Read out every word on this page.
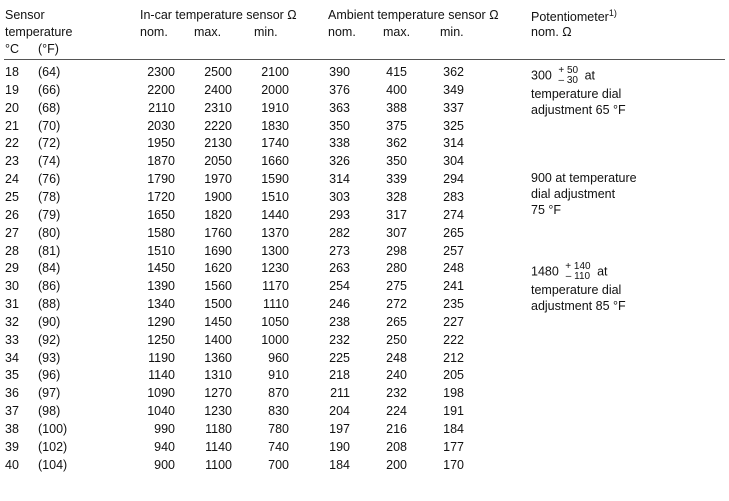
Sensor
temperature
°C (°F)
In-car temperature sensor Ω
nom. max.	min.
Ambient temperature sensor Ω
nom. max. min.
Potentiometer$^{1)}$
nom. Ω
18 (64)	2300	2500	2100	390	415	362
19 (66)	2200	2400	2000	376	400	349
20 (68)	2110	2310	1910	363	388	337
21 (70)	2030	2220	1830	350	375	325
22 (72)	1950	2130	1740	338	362	314
23 (74)	1870	2050	1660	326	350	304
24 (76)	1790	1970	1590	314	339	294
25 (78)	1720	1900	1510	303	328	283
26 (79)	1650	1820	1440	293	317	274
27 (80)	1580	1760	1370	282	307	265
28 (81)	1510	1690	1300	273	298	257
29 (84)	1450	1620	1230	263	280	248
30 (86)	1390	1560	1170	254	275	241
31 (88)	1340	1500	1110	246	272	235
32 (90)	1290	1450	1050	238	265	227
33 (92)	1250	1400	1000	232	250	222
34 (93)	1190	1360	960	225	248	212
35 (96)	1140	1310	910	218	240	205
36 (97)	1090	1270	870	211	232	198
37 (98)	1040	1230	830	204	224	191
38 (100)	990	1180	780	197	216	184
39 (102)	940	1140	740	190	208	177
40 (104)	900	1100	700	184	200	170
300 + 50
– 30 at
temperature dial
adjustment 65 °F
900 at temperature
dial adjustment
75 °F
1480 + 140
– 110 at
temperature dial
adjustment 85 °F
